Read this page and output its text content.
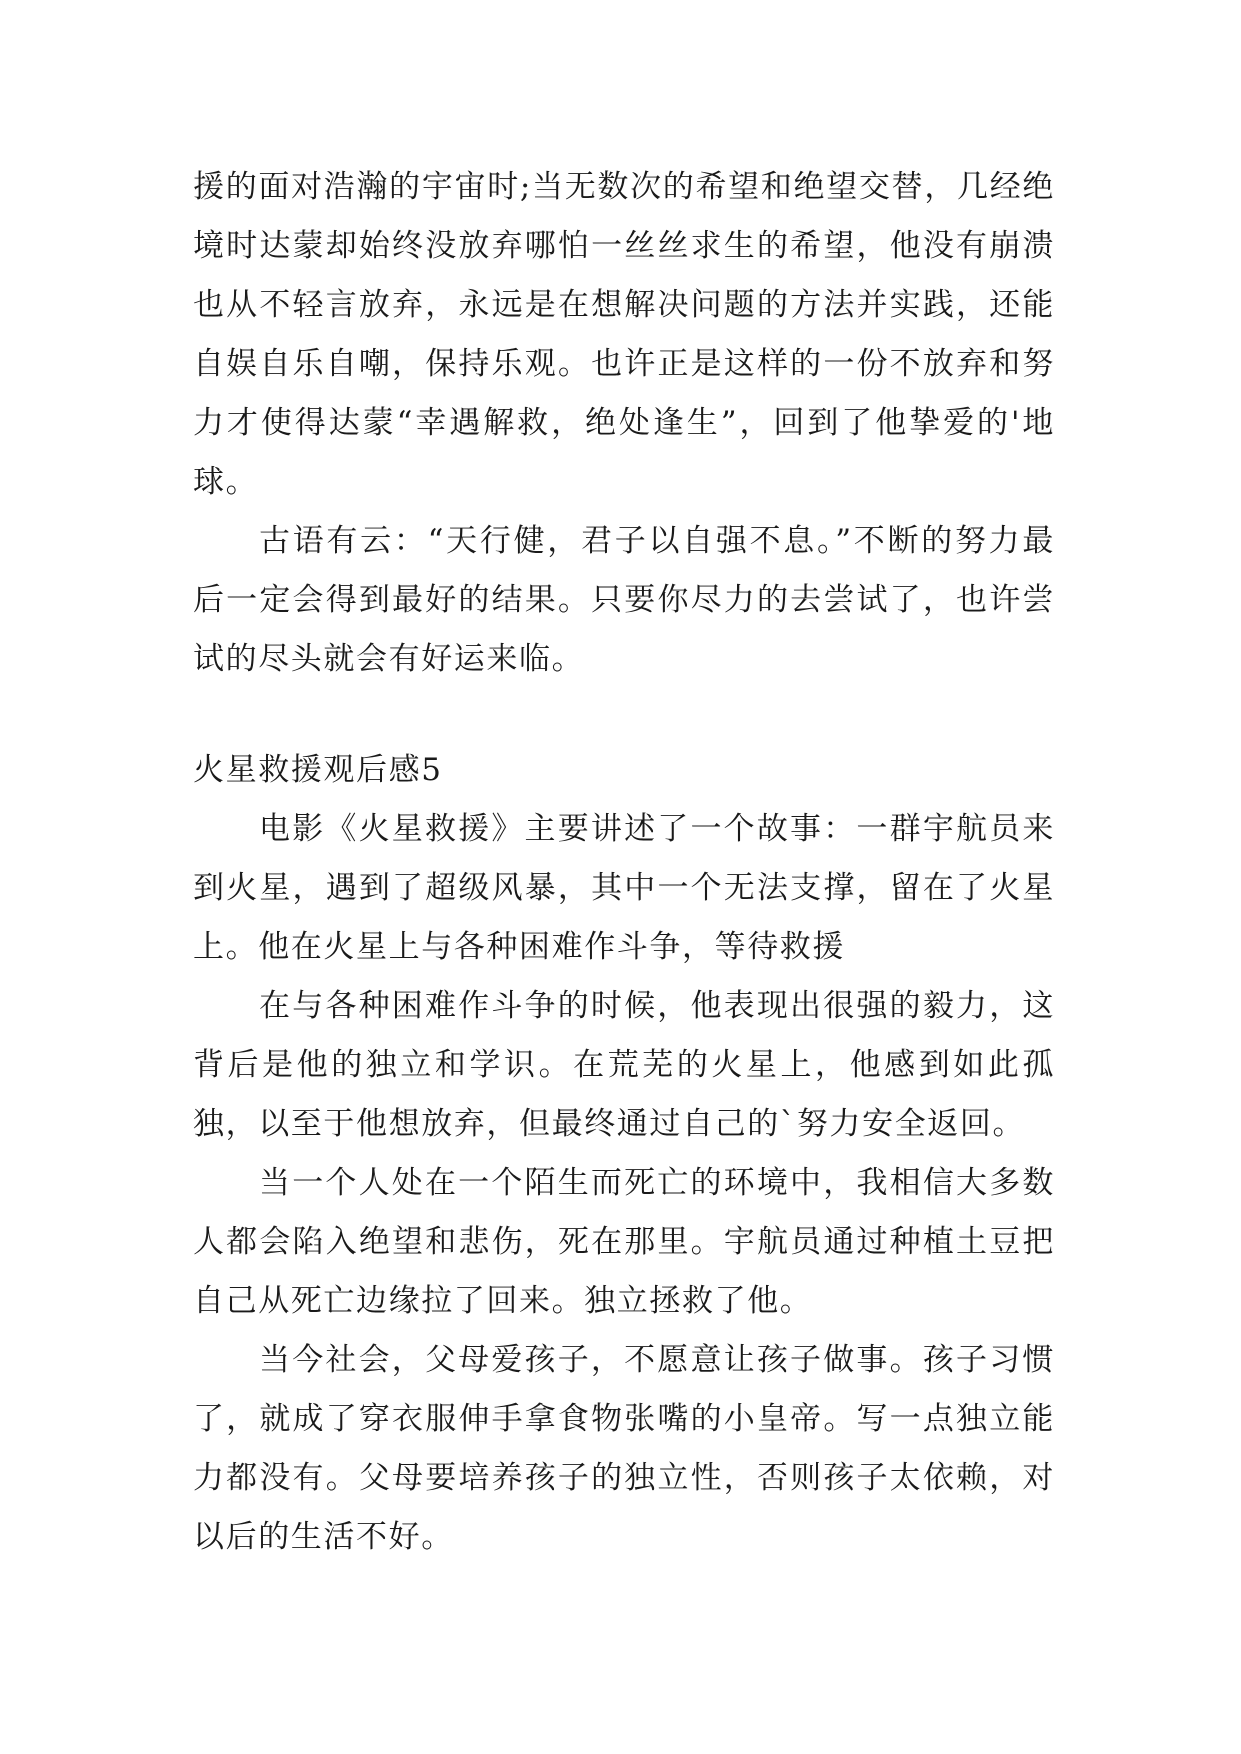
援的面对浩瀚的宇宙时;当无数次的希望和绝望交替，几经绝境时达蒙却始终没放弃哪怕一丝丝求生的希望，他没有崩溃也从不轻言放弃，永远是在想解决问题的方法并实践，还能自娱自乐自嘲，保持乐观。也许正是这样的一份不放弃和努力才使得达蒙“幸遇解救，绝处逢生”，回到了他挚爱的'地球。

古语有云：“天行健，君子以自强不息。”不断的努力最后一定会得到最好的结果。只要你尽力的去尝试了，也许尝试的尽头就会有好运来临。

火星救援观后感5

电影《火星救援》主要讲述了一个故事：一群宇航员来到火星，遇到了超级风暴，其中一个无法支撑，留在了火星上。他在火星上与各种困难作斗争，等待救援

在与各种困难作斗争的时候，他表现出很强的毅力，这背后是他的独立和学识。在荒芜的火星上，他感到如此孤独，以至于他想放弃，但最终通过自己的`努力安全返回。

当一个人处在一个陌生而死亡的环境中，我相信大多数人都会陷入绝望和悲伤，死在那里。宇航员通过种植土豆把自己从死亡边缘拉了回来。独立拯救了他。

当今社会，父母爱孩子，不愿意让孩子做事。孩子习惯了，就成了穿衣服伸手拿食物张嘴的小皇帝。写一点独立能力都没有。父母要培养孩子的独立性，否则孩子太依赖，对以后的生活不好。
